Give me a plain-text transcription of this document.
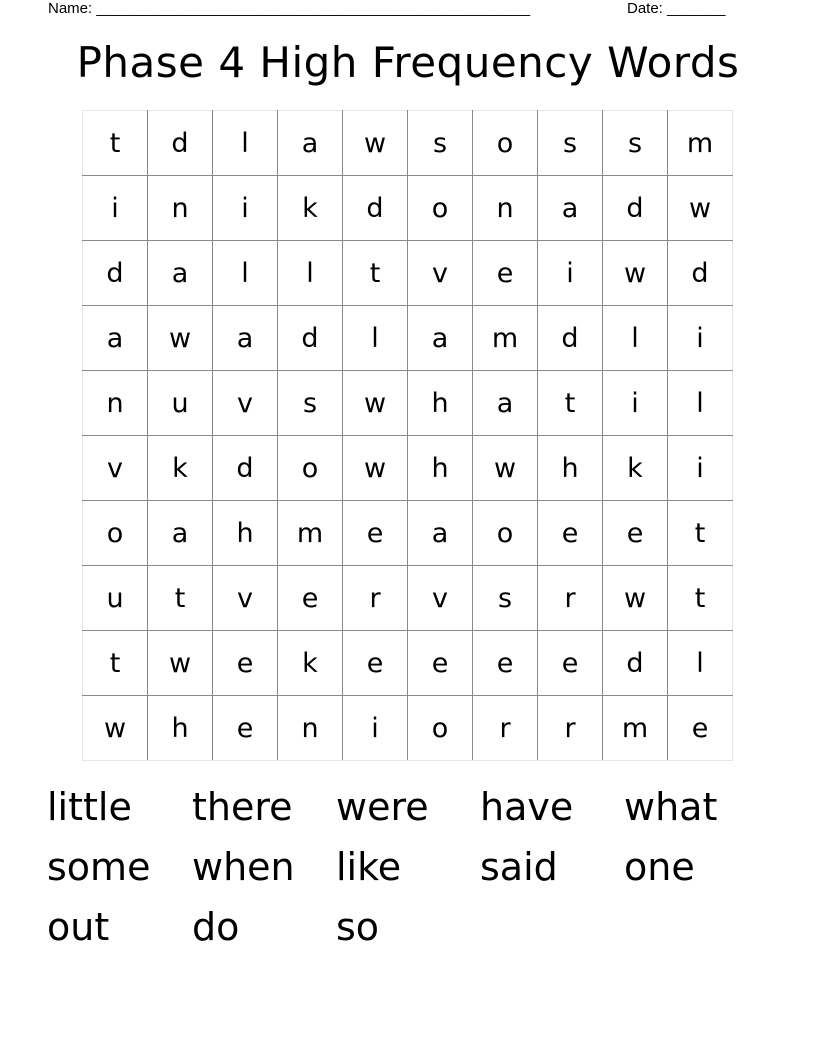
Name: ____________________________________________________	Date: _______
Phase 4 High Frequency Words
t	d	l	a	w	s	o	s	s	m
i	n	i	k	d	o	n	a	d	w
d	a	l	l	t	v	e	i	w	d
a	w	a	d	l	a	m	d	l	i
n	u	v	s	w	h	a	t	i	l
v	k	d	o	w	h	w	h	k	i
o	a	h	m	e	a	o	e	e	t
u	t	v	e	r	v	s	r	w	t
t	w	e	k	e	e	e	e	d	l
w	h	e	n	i	o	r	r	m	e
little there were have what
some when like said one
out do	so
